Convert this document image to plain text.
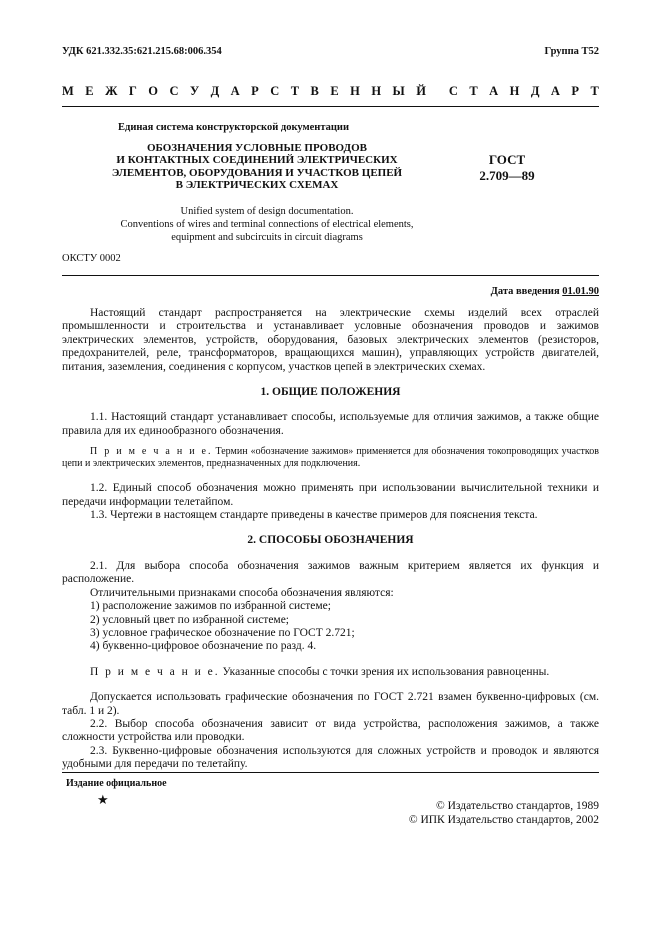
УДК 621.332.35:621.215.68:006.354	Группа Т52
М Е Ж Г О С У Д А Р С Т В Е Н Н Ы Й С Т А Н Д А Р Т
Единая система конструкторской документации
ОБОЗНАЧЕНИЯ УСЛОВНЫЕ ПРОВОДОВ
И КОНТАКТНЫХ СОЕДИНЕНИЙ ЭЛЕКТРИЧЕСКИХ
ЭЛЕМЕНТОВ, ОБОРУДОВАНИЯ И УЧАСТКОВ ЦЕПЕЙ
В ЭЛЕКТРИЧЕСКИХ СХЕМАХ
ГОСТ
2.709—89
Unified system of design documentation.
Conventions of wires and terminal connections of electrical elements,
equipment and subcircuits in circuit diagrams
ОКСТУ 0002
Дата введения 01.01.90

Настоящий стандарт распространяется на электрические схемы изделий всех отраслей промышленности и строительства и устанавливает условные обозначения проводов и зажимов электрических элементов, устройств, оборудования, базовых электрических элементов (резисторов, предохранителей, реле, трансформаторов, вращающихся машин), управляющих устройств двигателей, питания, заземления, соединения с корпусом, участков цепей в электрических схемах.

1. ОБЩИЕ ПОЛОЖЕНИЯ

1.1. Настоящий стандарт устанавливает способы, используемые для отличия зажимов, а также общие правила для их единообразного обозначения.

П р и м е ч а н и е. Термин «обозначение зажимов» применяется для обозначения токопроводящих участков цепи и электрических элементов, предназначенных для подключения.

1.2. Единый способ обозначения можно применять при использовании вычислительной техники и передачи информации телетайпом.

1.3. Чертежи в настоящем стандарте приведены в качестве примеров для пояснения текста.

2. СПОСОБЫ ОБОЗНАЧЕНИЯ

2.1. Для выбора способа обозначения зажимов важным критерием является их функция и расположение.

Отличительными признаками способа обозначения являются:

1) расположение зажимов по избранной системе;
2) условный цвет по избранной системе;
3) условное графическое обозначение по ГОСТ 2.721;
4) буквенно-цифровое обозначение по разд. 4.

П р и м е ч а н и е. Указанные способы с точки зрения их использования равноценны.

Допускается использовать графические обозначения по ГОСТ 2.721 взамен буквенно-цифровых (см. табл. 1 и 2).

2.2. Выбор способа обозначения зависит от вида устройства, расположения зажимов, а также сложности устройства или проводки.

2.3. Буквенно-цифровые обозначения используются для сложных устройств и проводок и являются удобными для передачи по телетайпу.

Издание официальное
★	© Издательство стандартов, 1989
© ИПК Издательство стандартов, 2002
